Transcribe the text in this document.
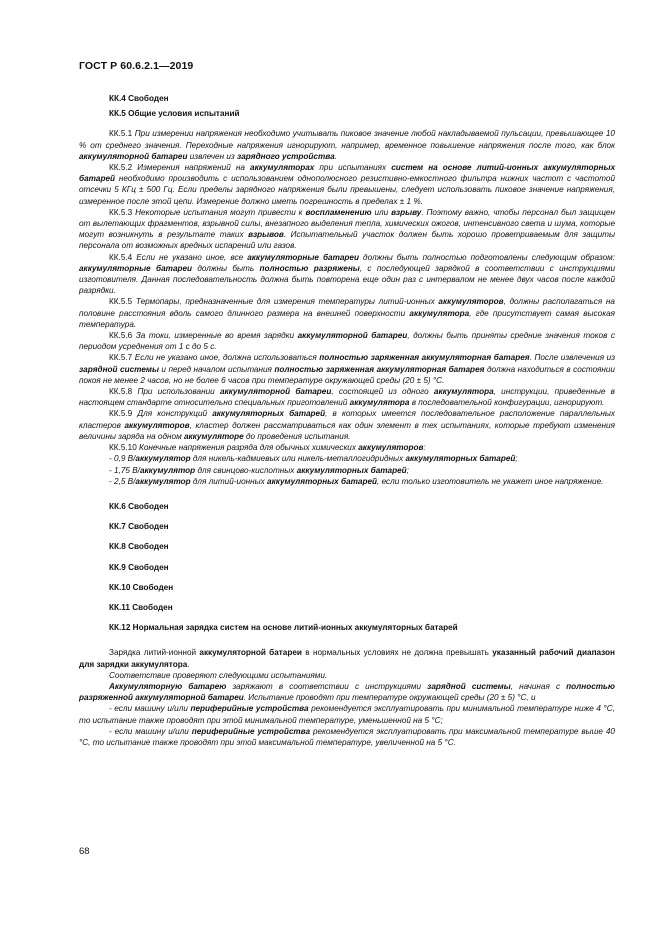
ГОСТ Р 60.6.2.1—2019
КК.4 Свободен
КК.5 Общие условия испытаний

КК.5.1 При измерении напряжения необходимо учитывать пиковое значение любой накладываемой пульсации, превышающее 10 % от среднего значения. Переходные напряжения игнорируют, например, временное повышение напряжения после того, как блок аккумуляторной батареи извлечен из зарядного устройства.

КК.5.2 Измерения напряжений на аккумуляторах при испытаниях систем на основе литий-ионных аккумуляторных батарей необходимо производить с использованием однополюсного резистивно-емкостного фильтра нижних частот с частотой отсечки 5 КГц ± 500 Гц. Если пределы зарядного напряжения были превышены, следует использовать пиковое значение напряжения, измеренное после этой цепи. Измерение должно иметь погрешность в пределах ± 1 %.

КК.5.3 Некоторые испытания могут привести к воспламенению или взрыву. Поэтому важно, чтобы персонал был защищен от вылетающих фрагментов, взрывной силы, внезапного выделения тепла, химических ожогов, интенсивного света и шума, которые могут возникнуть в результате таких взрывов. Испытательный участок должен быть хорошо проветриваемым для защиты персонала от возможных вредных испарений или газов.

КК.5.4 Если не указано иное, все аккумуляторные батареи должны быть полностью подготовлены следующим образом: аккумуляторные батареи должны быть полностью разряжены, с последующей зарядкой в соответствии с инструкциями изготовителя. Данная последовательность должна быть повторена еще один раз с интервалом не менее двух часов после каждой разрядки.

КК.5.5 Термопары, предназначенные для измерения температуры литий-ионных аккумуляторов, должны располагаться на половине расстояния вдоль самого длинного размера на внешней поверхности аккумулятора, где присутствует самая высокая температура.

КК.5.6 За токи, измеренные во время зарядки аккумуляторной батареи, должны быть приняты средние значения токов с периодом усреднения от 1 с до 5 с.

КК.5.7 Если не указано иное, должна использоваться полностью заряженная аккумуляторная батарея. После извлечения из зарядной системы и перед началом испытания полностью заряженная аккумуляторная батарея должна находиться в состоянии покоя не менее 2 часов, но не более 6 часов при температуре окружающей среды (20 ± 5) °С.

КК.5.8 При использовании аккумуляторной батареи, состоящей из одного аккумулятора, инструкции, приведенные в настоящем стандарте относительно специальных приготовлений аккумулятора в последовательной конфигурации, игнорируют.

КК.5.9 Для конструкций аккумуляторных батарей, в которых имеется последовательное расположение параллельных кластеров аккумуляторов, кластер должен рассматриваться как один элемент в тех испытаниях, которые требуют изменения величины заряда на одном аккумуляторе до проведения испытания.

КК.5.10 Конечные напряжения разряда для обычных химических аккумуляторов:

- 0,9 В/аккумулятор для никель-кадмиевых или никель-металлогидридных аккумуляторных батарей;

- 1,75 В/аккумулятор для свинцово-кислотных аккумуляторных батарей;

- 2,5 В/аккумулятор для литий-ионных аккумуляторных батарей, если только изготовитель не укажет иное напряжение.

КК.6 Свободен
КК.7 Свободен
КК.8 Свободен
КК.9 Свободен
КК.10 Свободен
КК.11 Свободен
КК.12 Нормальная зарядка систем на основе литий-ионных аккумуляторных батарей

Зарядка литий-ионной аккумуляторной батареи в нормальных условиях не должна превышать указанный рабочий диапазон для зарядки аккумулятора.

Соответствие проверяют следующими испытаниями.

Аккумуляторную батарею заряжают в соответствии с инструкциями зарядной системы, начиная с полностью разряженной аккумуляторной батареи. Испытание проводят при температуре окружающей среды (20 ± 5) °С, и

- если машину и/или периферийные устройства рекомендуется эксплуатировать при минимальной температуре ниже 4 °С, то испытание также проводят при этой минимальной температуре, уменьшенной на 5 °С;

- если машину и/или периферийные устройства рекомендуется эксплуатировать при максимальной температуре выше 40 °С, то испытание также проводят при этой максимальной температуре, увеличенной на 5 °С.

68
